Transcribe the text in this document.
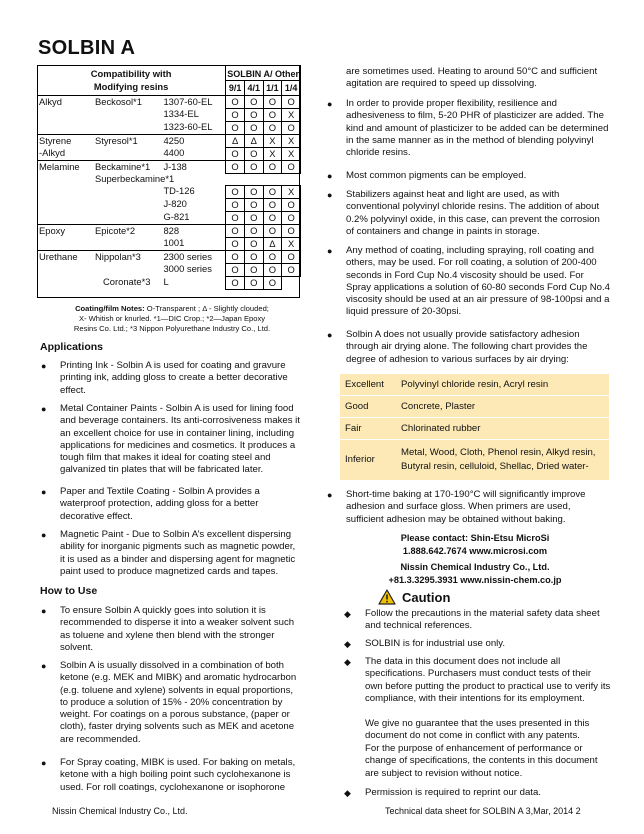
SOLBIN A
Compatibility with			SOLBIN A/ Other			
Modifying resins			9/1	4/1	1/1	1/4
Alkyd	Beckosol*1	1307-60-EL	O	O	O	O
		1334-EL	O	O	O	X
		1323-60-EL	O	O	O	O
Styrene	Styresol*1	4250	Δ	Δ	X	X
-Alkyd		4400	O	O	X	X
Melamine	Beckamine*1	J-138	O	O	O	O
	Superbeckamine*1					
		TD-126	O	O	O	X
		J-820	O	O	O	O
		G-821	O	O	O	O
Epoxy	Epicote*2	828	O	O	O	O
		1001	O	O	Δ	X
Urethane	Nippolan*3	2300 series	O	O	O	O
		3000 series	O	O	O	O
	Coronate*3	L	O	O	O	
Coating/film Notes: O-Transparent ; Δ - Slightly clouded;
X- Whitish or knurled. *1—DIC Crop.; *2—Japan Epoxy
Resins Co. Ltd.; *3 Nippon Polyurethane Industry Co., Ltd.
Applications
● Printing Ink - Solbin A is used for coating and gravure printing ink, adding gloss to create a better decorative effect.
● Metal Container Paints - Solbin A is used for lining food and beverage containers. Its anti-corrosiveness makes it an excellent choice for use in container lining, including applications for medicines and cosmetics. It produces a tough film that makes it ideal for coating steel and galvanized tin plates that will be fabricated later.
● Paper and Textile Coating - Solbin A provides a waterproof protection, adding gloss for a better decorative effect.
● Magnetic Paint - Due to Solbin A’s excellent dispersing ability for inorganic pigments such as magnetic powder, it is used as a binder and dispersing agent for magnetic paint used to produce magnetized cards and tapes.
How to Use
● To ensure Solbin A quickly goes into solution it is recommended to disperse it into a weaker solvent such as toluene and xylene then blend with the stronger solvent.
● Solbin A is usually dissolved in a combination of both ketone (e.g. MEK and MIBK) and aromatic hydrocarbon (e.g. toluene and xylene) solvents in equal proportions, to produce a solution of 15% - 20% concentration by weight. For coatings on a porous substance, (paper or cloth), faster drying solvents such as MEK and acetone are recommended.
● For Spray coating, MIBK is used. For baking on metals, ketone with a high boiling point such cyclohexanone is used. For roll coatings, cyclohexanone or isophorone
are sometimes used. Heating to around 50°C and sufficient agitation are required to speed up dissolving.
● In order to provide proper flexibility, resilience and adhesiveness to film, 5-20 PHR of plasticizer are added. The kind and amount of plasticizer to be added can be determined in the same manner as in the method of blending polyvinyl chloride resins.
● Most common pigments can be employed.
● Stabilizers against heat and light are used, as with conventional polyvinyl chloride resins. The addition of about 0.2% polyvinyl oxide, in this case, can prevent the corrosion of containers and change in paints in storage.
● Any method of coating, including spraying, roll coating and others, may be used. For roll coating, a solution of 200-400 seconds in Ford Cup No.4 viscosity should be used. For Spray applications a solution of 60-80 seconds Ford Cup No.4 viscosity should be used at an air pressure of 98-100psi and a liquid pressure of 20-30psi.
● Solbin A does not usually provide satisfactory adhesion through air drying alone. The following chart provides the degree of adhesion to various surfaces by air drying:
Excellent	Polyvinyl chloride resin, Acryl resin
Good	Concrete, Plaster
Fair	Chlorinated rubber
Inferior	Metal, Wood, Cloth, Phenol resin, Alkyd resin, Butyral resin, celluloid, Shellac, Dried water-
● Short-time baking at 170-190°C will significantly improve adhesion and surface gloss. When primers are used, sufficient adhesion may be obtained without baking.
Please contact: Shin-Etsu MicroSi
1.888.642.7674 www.microsi.com
Nissin Chemical Industry Co., Ltd.
+81.3.3295.3931 www.nissin-chem.co.jp
Caution
◆ Follow the precautions in the material safety data sheet and technical references.
◆ SOLBIN is for industrial use only.
◆ The data in this document does not include all specifications. Purchasers must conduct tests of their own before putting the product to practical use to verify its compliance, with their intentions for its employment.
We give no guarantee that the uses presented in this document do not come in conflict with any patents.
For the purpose of enhancement of performance or change of specifications, the contents in this document are subject to revision without notice.
◆ Permission is required to reprint our data.
Nissin Chemical Industry Co., Ltd.	Technical data sheet for SOLBIN A 3,Mar, 2014 2
